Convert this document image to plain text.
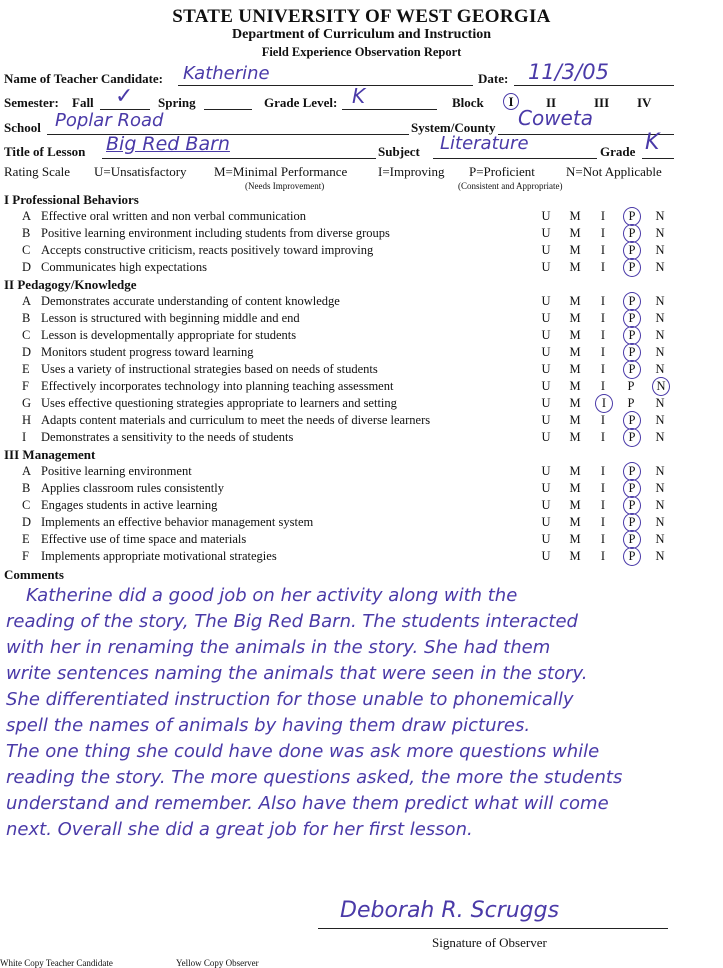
STATE UNIVERSITY OF WEST GEORGIA
Department of Curriculum and Instruction
Field Experience Observation Report
Name of Teacher Candidate: Katherine	Date: 11/3/05
Semester: Fall ✓ Spring	Grade Level: K	Block	I	II	III IV
School Poplar Road	System/County Coweta
Title of Lesson Big Red Barn	Subject Literature	Grade K
Rating Scale U=Unsatisfactory M=Minimal Performance
(Needs Improvement)
I=Improving P=Proficient
(Consistent and Appropriate)
N=Not Applicable
I Professional Behaviors
A Effective oral written and non verbal communication	U M	I	P	N
B Positive learning environment including students from diverse groups	U M	I	P	N
C Accepts constructive criticism, reacts positively toward improving	U M	I	P	N
D Communicates high expectations	U M	I	P	N
II Pedagogy/Knowledge
A Demonstrates accurate understanding of content knowledge	U M	I	P	N
B Lesson is structured with beginning middle and end	U M	I	P	N
C Lesson is developmentally appropriate for students	U M	I	P	N
D Monitors student progress toward learning	U M	I	P	N
E Uses a variety of instructional strategies based on needs of students	U M	I	P	N
F Effectively incorporates technology into planning teaching assessment	U M	I	P	N
G Uses effective questioning strategies appropriate to learners and setting	U M	I	P	N
H Adapts content materials and curriculum to meet the needs of diverse learners	U M	I	P	N
I Demonstrates a sensitivity to the needs of students	U M	I	P	N
III Management
A Positive learning environment	U M	I	P	N
B Applies classroom rules consistently	U M	I	P	N
C Engages students in active learning	U M	I	P	N
D Implements an effective behavior management system	U M	I	P	N
E Effective use of time space and materials	U M	I	P	N
F Implements appropriate motivational strategies	U M	I	P	N
Comments
Katherine did a good job on her activity along with the
reading of the story, The Big Red Barn. The students interacted
with her in renaming the animals in the story. She had them
write sentences naming the animals that were seen in the story.
She differentiated instruction for those unable to phonemically
spell the names of animals by having them draw pictures.
The one thing she could have done was ask more questions while
reading the story. The more questions asked, the more the students
understand and remember. Also have them predict what will come
next. Overall she did a great job for her first lesson.
Deborah R. Scruggs
Signature of Observer
White Copy Teacher Candidate	Yellow Copy Observer
